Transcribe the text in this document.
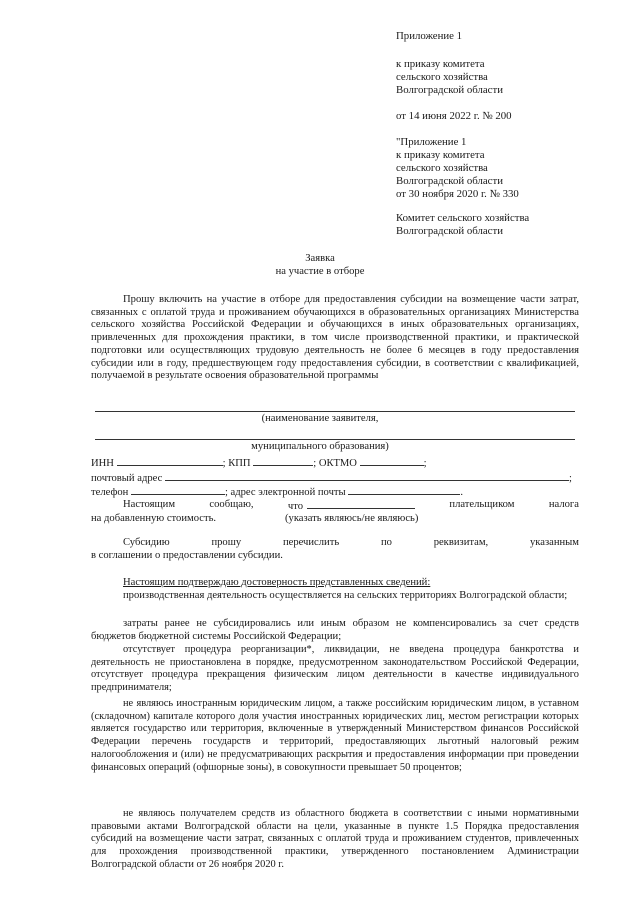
Приложение 1
к приказу комитета
сельского хозяйства
Волгоградской области
от 14 июня 2022 г. № 200
"Приложение 1
к приказу комитета
сельского хозяйства
Волгоградской области
от 30 ноября 2020 г. № 330
Комитет сельского хозяйства
Волгоградской области
Заявка
на участие в отборе
Прошу включить на участие в отборе для предоставления субсидии на возмещение части затрат, связанных с оплатой труда и проживанием обучающихся в образовательных организациях Министерства сельского хозяйства Российской Федерации и обучающихся в иных образовательных организациях, привлеченных для прохождения практики, в том числе производственной практики, и практической подготовки или осуществляющих трудовую деятельность не более 6 месяцев в году предоставления субсидии или в году, предшествующем году предоставления субсидии, в соответствии с квалификацией, получаемой в результате освоения образовательной программы
(наименование заявителя,
муниципального образования)
ИНН	; КПП	; ОКТМО	;
почтовый адрес	;
телефон	; адрес электронной почты	.
Настоящим	сообщаю,	что	плательщиком	налога
на добавленную стоимость.	(указать являюсь/не являюсь)
Субсидию	прошу	перечислить	по	реквизитам,	указанным
в соглашении о предоставлении субсидии.
Настоящим подтверждаю достоверность представленных сведений:
производственная деятельность осуществляется на сельских территориях Волгоградской области;
затраты ранее не субсидировались или иным образом не компенсировались за счет средств бюджетов бюджетной системы Российской Федерации;
отсутствует процедура реорганизации*, ликвидации, не введена процедура банкротства и деятельность не приостановлена в порядке, предусмотренном законодательством Российской Федерации, отсутствует процедура прекращения физическим лицом деятельности в качестве индивидуального предпринимателя;
не являюсь иностранным юридическим лицом, а также российским юридическим лицом, в уставном (складочном) капитале которого доля участия иностранных юридических лиц, местом регистрации которых является государство или территория, включенные в утвержденный Министерством финансов Российской Федерации перечень государств и территорий, предоставляющих льготный налоговый режим налогообложения и (или) не предусматривающих раскрытия и предоставления информации при проведении финансовых операций (офшорные зоны), в совокупности превышает 50 процентов;
не являюсь получателем средств из областного бюджета в соответствии с иными нормативными правовыми актами Волгоградской области на цели, указанные в пункте 1.5 Порядка предоставления субсидий на возмещение части затрат, связанных с оплатой труда и проживанием студентов, привлеченных для прохождения производственной практики, утвержденного постановлением Администрации Волгоградской области от 26 ноября 2020 г.
